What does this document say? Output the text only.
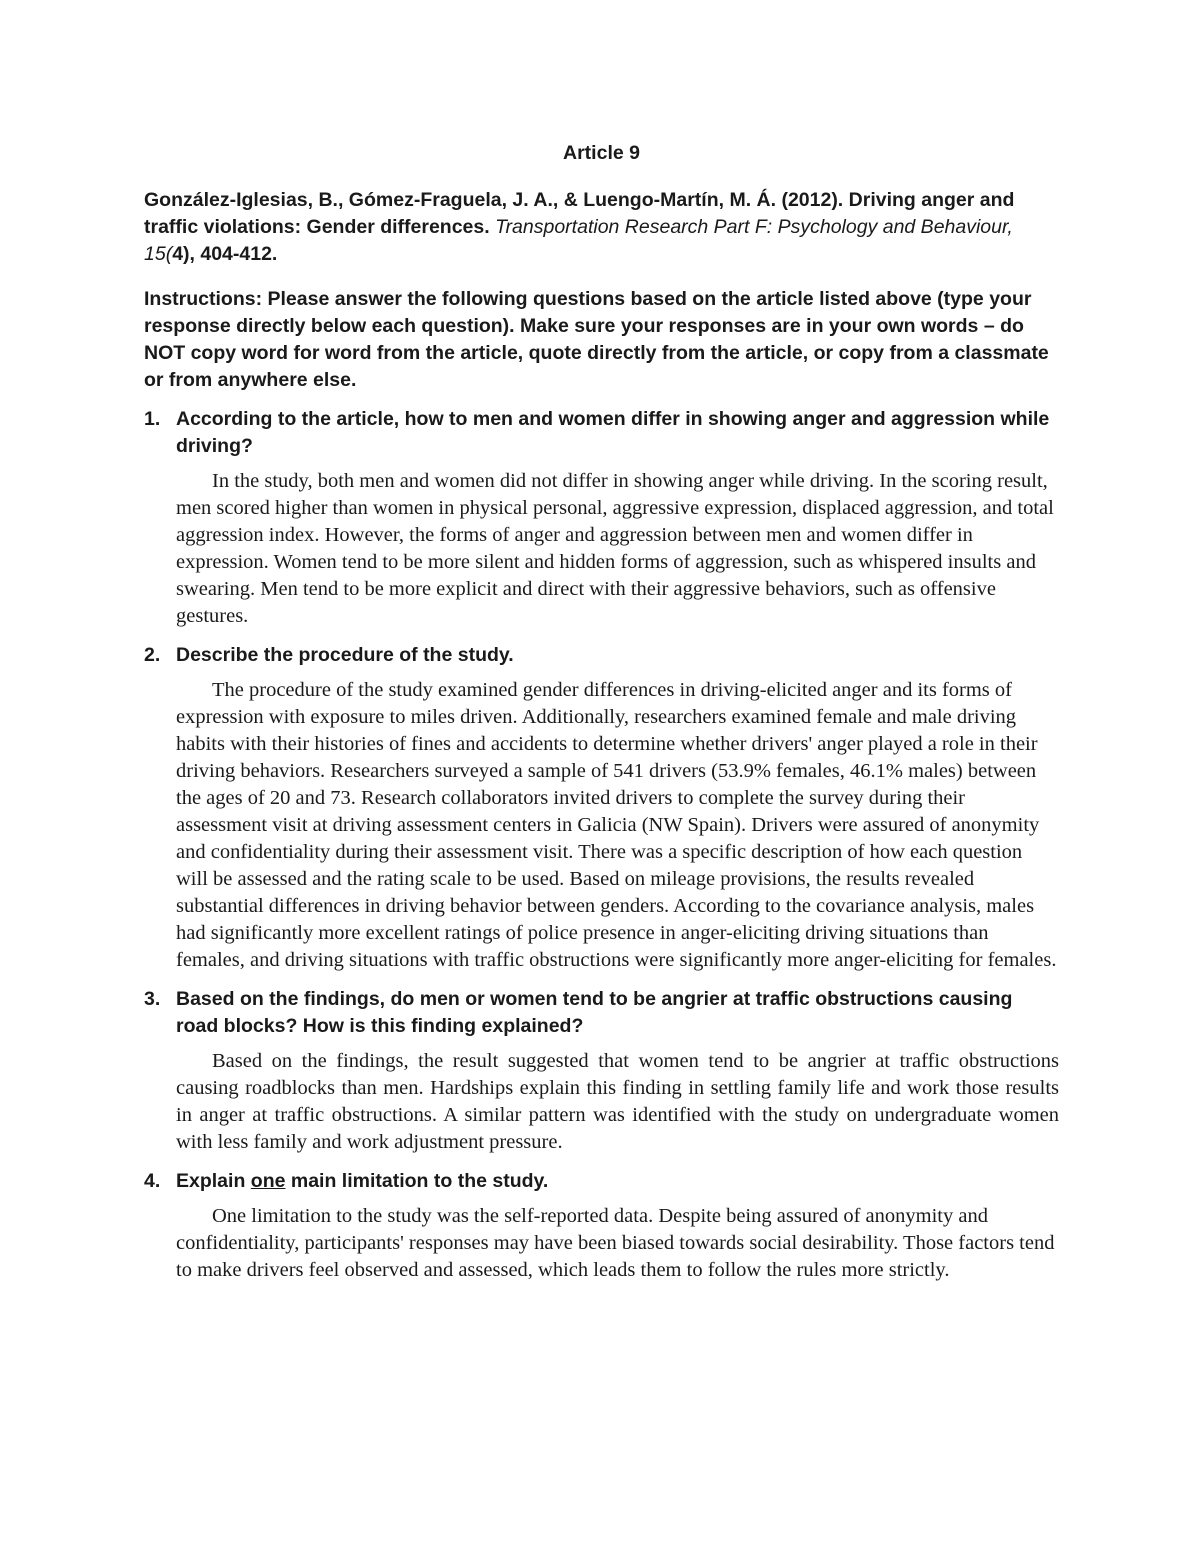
Article 9
González-Iglesias, B., Gómez-Fraguela, J. A., & Luengo-Martín, M. Á. (2012). Driving anger and traffic violations: Gender differences. Transportation Research Part F: Psychology and Behaviour, 15(4), 404-412.
Instructions: Please answer the following questions based on the article listed above (type your response directly below each question). Make sure your responses are in your own words – do NOT copy word for word from the article, quote directly from the article, or copy from a classmate or from anywhere else.
1. According to the article, how to men and women differ in showing anger and aggression while driving?
In the study, both men and women did not differ in showing anger while driving. In the scoring result, men scored higher than women in physical personal, aggressive expression, displaced aggression, and total aggression index. However, the forms of anger and aggression between men and women differ in expression. Women tend to be more silent and hidden forms of aggression, such as whispered insults and swearing. Men tend to be more explicit and direct with their aggressive behaviors, such as offensive gestures.
2. Describe the procedure of the study.
The procedure of the study examined gender differences in driving-elicited anger and its forms of expression with exposure to miles driven. Additionally, researchers examined female and male driving habits with their histories of fines and accidents to determine whether drivers' anger played a role in their driving behaviors. Researchers surveyed a sample of 541 drivers (53.9% females, 46.1% males) between the ages of 20 and 73. Research collaborators invited drivers to complete the survey during their assessment visit at driving assessment centers in Galicia (NW Spain). Drivers were assured of anonymity and confidentiality during their assessment visit. There was a specific description of how each question will be assessed and the rating scale to be used. Based on mileage provisions, the results revealed substantial differences in driving behavior between genders. According to the covariance analysis, males had significantly more excellent ratings of police presence in anger-eliciting driving situations than females, and driving situations with traffic obstructions were significantly more anger-eliciting for females.
3. Based on the findings, do men or women tend to be angrier at traffic obstructions causing road blocks? How is this finding explained?
Based on the findings, the result suggested that women tend to be angrier at traffic obstructions causing roadblocks than men. Hardships explain this finding in settling family life and work those results in anger at traffic obstructions. A similar pattern was identified with the study on undergraduate women with less family and work adjustment pressure.
4. Explain one main limitation to the study.
One limitation to the study was the self-reported data. Despite being assured of anonymity and confidentiality, participants' responses may have been biased towards social desirability. Those factors tend to make drivers feel observed and assessed, which leads them to follow the rules more strictly.
